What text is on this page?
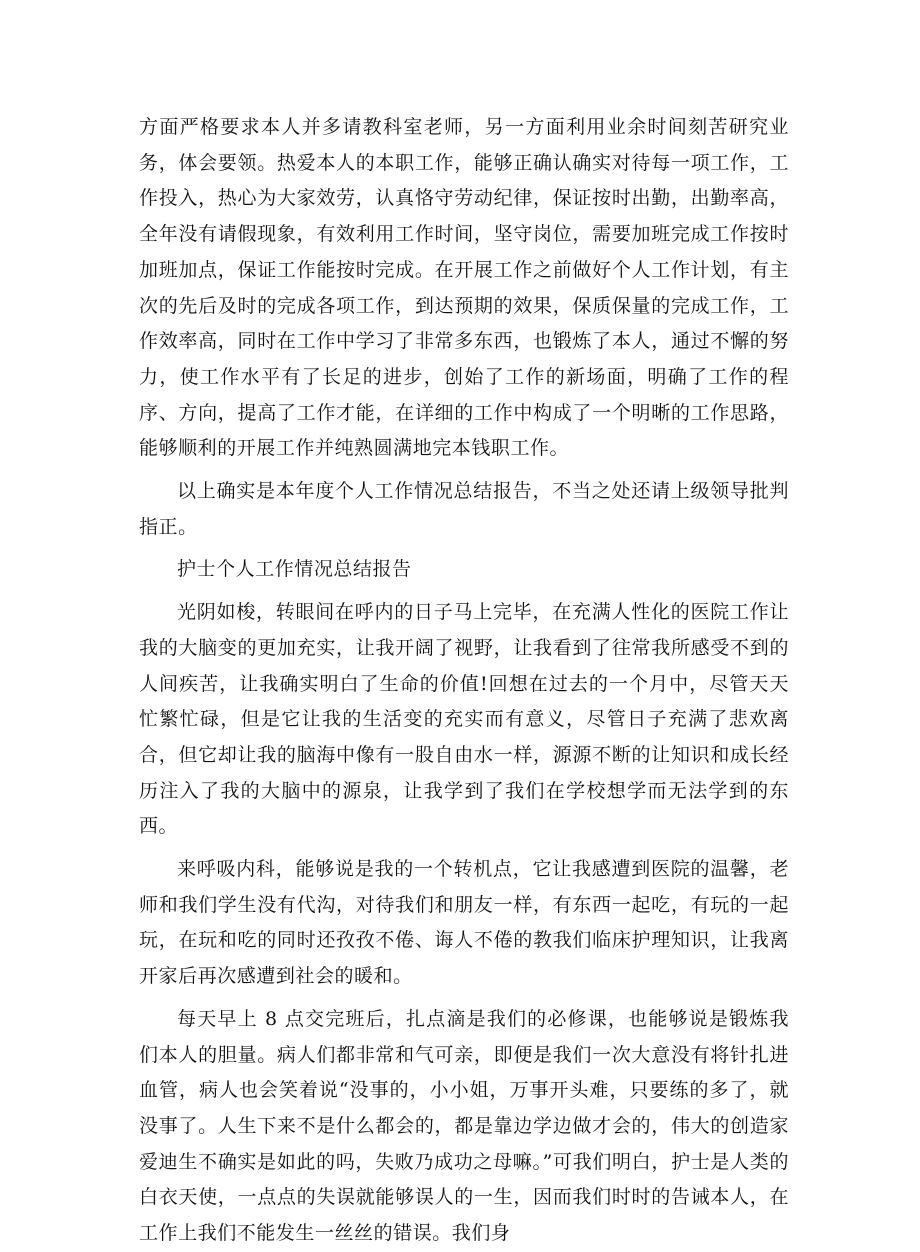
方面严格要求本人并多请教科室老师，另一方面利用业余时间刻苦研究业务，体会要领。热爱本人的本职工作，能够正确认确实对待每一项工作，工作投入，热心为大家效劳，认真恪守劳动纪律，保证按时出勤，出勤率高，全年没有请假现象，有效利用工作时间，坚守岗位，需要加班完成工作按时加班加点，保证工作能按时完成。在开展工作之前做好个人工作计划，有主次的先后及时的完成各项工作，到达预期的效果，保质保量的完成工作，工作效率高，同时在工作中学习了非常多东西，也锻炼了本人，通过不懈的努力，使工作水平有了长足的进步，创始了工作的新场面，明确了工作的程序、方向，提高了工作才能，在详细的工作中构成了一个明晰的工作思路，能够顺利的开展工作并纯熟圆满地完本钱职工作。

以上确实是本年度个人工作情况总结报告，不当之处还请上级领导批判指正。

护士个人工作情况总结报告

光阴如梭，转眼间在呼内的日子马上完毕，在充满人性化的医院工作让我的大脑变的更加充实，让我开阔了视野，让我看到了往常我所感受不到的人间疾苦，让我确实明白了生命的价值!回想在过去的一个月中，尽管天天忙繁忙碌，但是它让我的生活变的充实而有意义，尽管日子充满了悲欢离合，但它却让我的脑海中像有一股自由水一样，源源不断的让知识和成长经历注入了我的大脑中的源泉，让我学到了我们在学校想学而无法学到的东西。

来呼吸内科，能够说是我的一个转机点，它让我感遭到医院的温馨，老师和我们学生没有代沟，对待我们和朋友一样，有东西一起吃，有玩的一起玩，在玩和吃的同时还孜孜不倦、诲人不倦的教我们临床护理知识，让我离开家后再次感遭到社会的暖和。

每天早上 8 点交完班后，扎点滴是我们的必修课，也能够说是锻炼我们本人的胆量。病人们都非常和气可亲，即便是我们一次大意没有将针扎进血管，病人也会笑着说“没事的，小小姐，万事开头难，只要练的多了，就没事了。人生下来不是什么都会的，都是靠边学边做才会的，伟大的创造家爱迪生不确实是如此的吗，失败乃成功之母嘛。”可我们明白，护士是人类的白衣天使，一点点的失误就能够误人的一生，因而我们时时的告诫本人，在工作上我们不能发生一丝丝的错误。我们身
